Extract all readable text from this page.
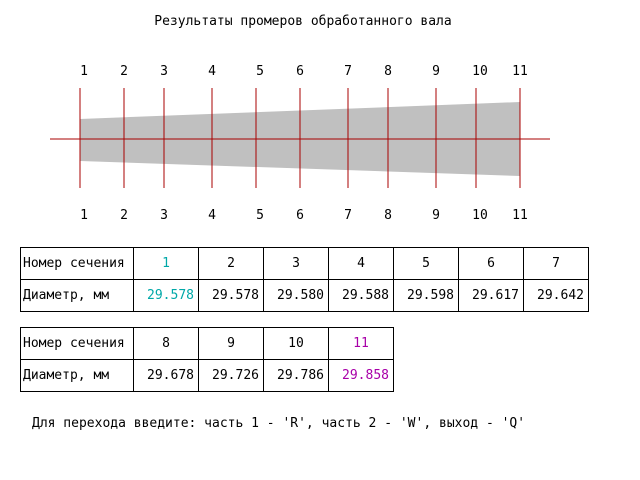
Результаты промеров обработанного вала
1	2	3	4	5	6	7	8	9	10	11
1	2	3	4	5	6	7	8	9	10	11
Номер сечения	1	2	3	4	5	6	7
Диаметр, мм	29.578	29.578	29.580	29.588	29.598	29.617	29.642
Номер сечения	8	9	10	11
Диаметр, мм	29.678	29.726	29.786	29.858
Для перехода введите: часть 1 - 'R', часть 2 - 'W', выход - 'Q'
